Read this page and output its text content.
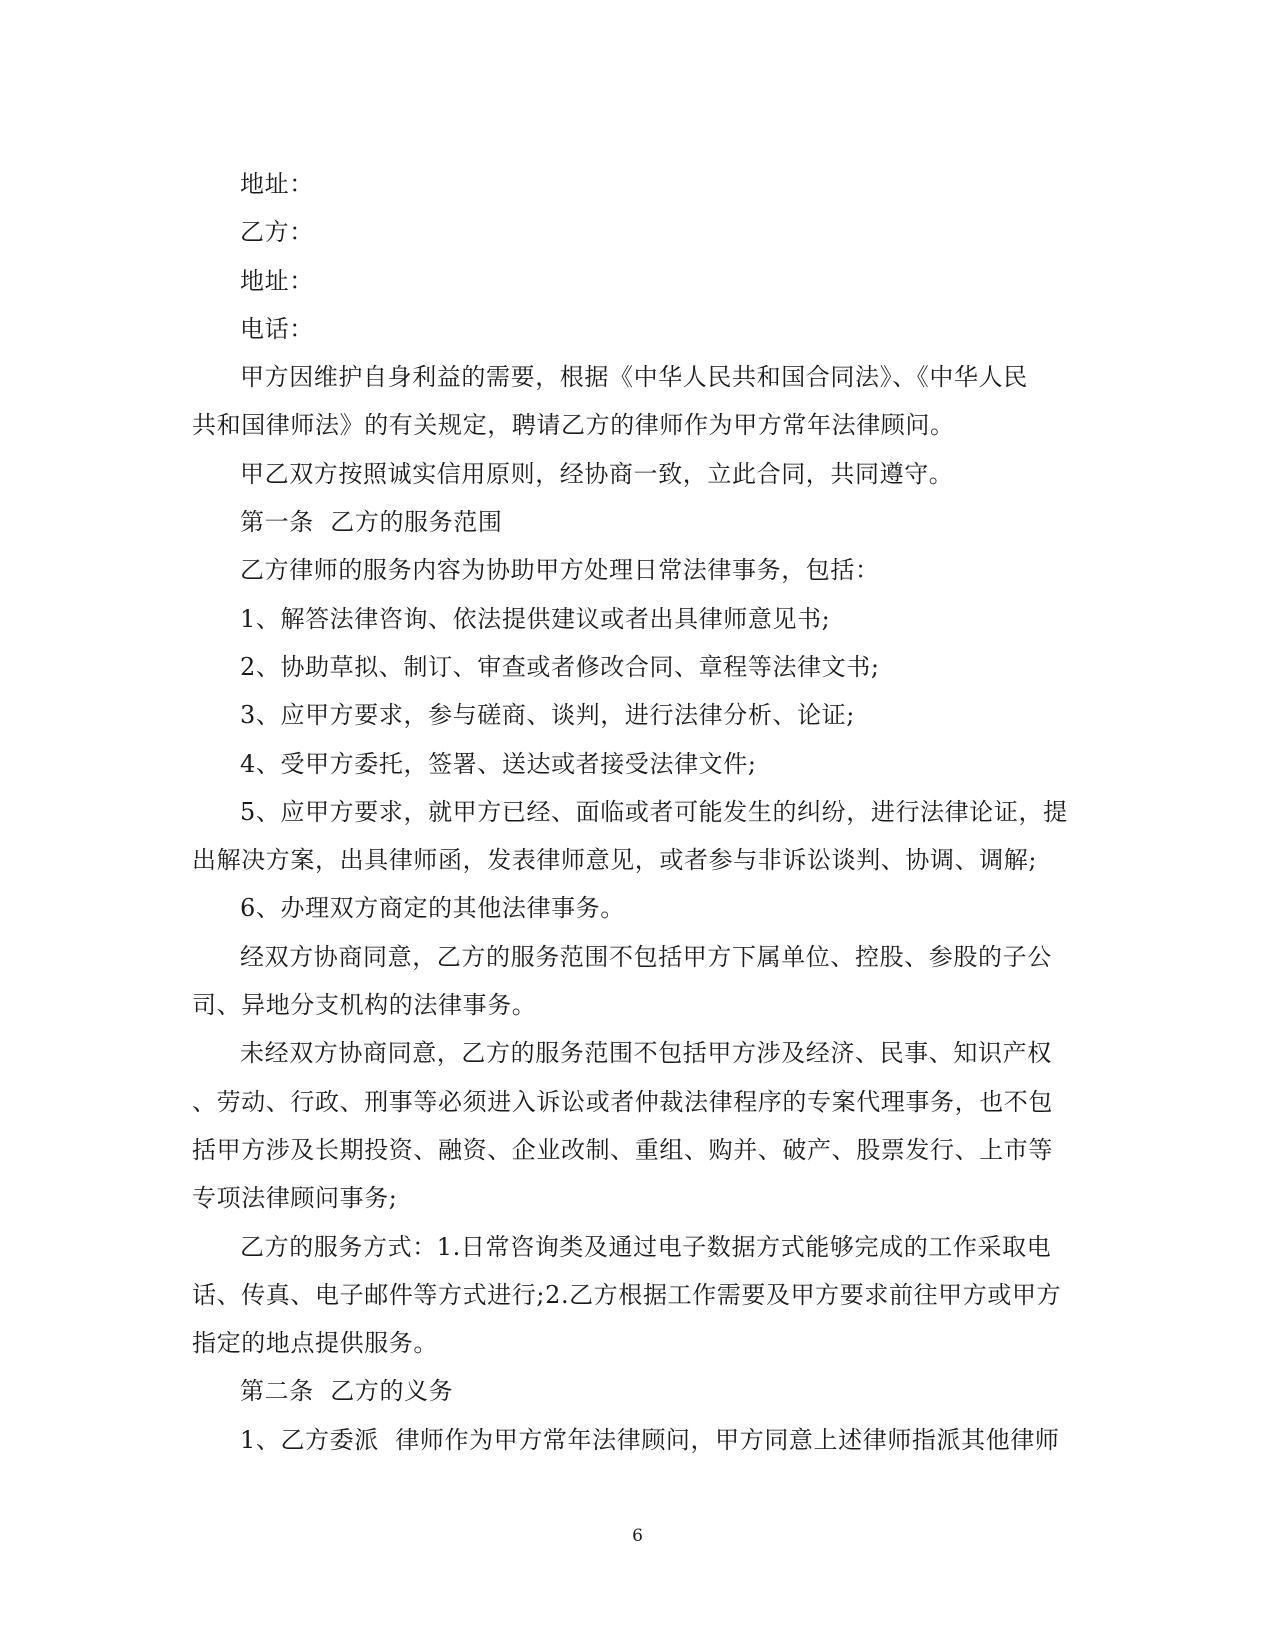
地址：
乙方：
地址：
电话：
甲方因维护自身利益的需要，根据《中华人民共和国合同法》、《中华人民
共和国律师法》的有关规定，聘请乙方的律师作为甲方常年法律顾问。
甲乙双方按照诚实信用原则，经协商一致，立此合同，共同遵守。
第一条  乙方的服务范围
乙方律师的服务内容为协助甲方处理日常法律事务，包括：
1、解答法律咨询、依法提供建议或者出具律师意见书;
2、协助草拟、制订、审查或者修改合同、章程等法律文书;
3、应甲方要求，参与磋商、谈判，进行法律分析、论证;
4、受甲方委托，签署、送达或者接受法律文件;
5、应甲方要求，就甲方已经、面临或者可能发生的纠纷，进行法律论证，提
出解决方案，出具律师函，发表律师意见，或者参与非诉讼谈判、协调、调解;
6、办理双方商定的其他法律事务。
经双方协商同意，乙方的服务范围不包括甲方下属单位、控股、参股的子公
司、异地分支机构的法律事务。
未经双方协商同意，乙方的服务范围不包括甲方涉及经济、民事、知识产权
、劳动、行政、刑事等必须进入诉讼或者仲裁法律程序的专案代理事务，也不包
括甲方涉及长期投资、融资、企业改制、重组、购并、破产、股票发行、上市等
专项法律顾问事务;
乙方的服务方式：1.日常咨询类及通过电子数据方式能够完成的工作采取电
话、传真、电子邮件等方式进行;2.乙方根据工作需要及甲方要求前往甲方或甲方
指定的地点提供服务。
第二条  乙方的义务
1、乙方委派  律师作为甲方常年法律顾问，甲方同意上述律师指派其他律师
6
